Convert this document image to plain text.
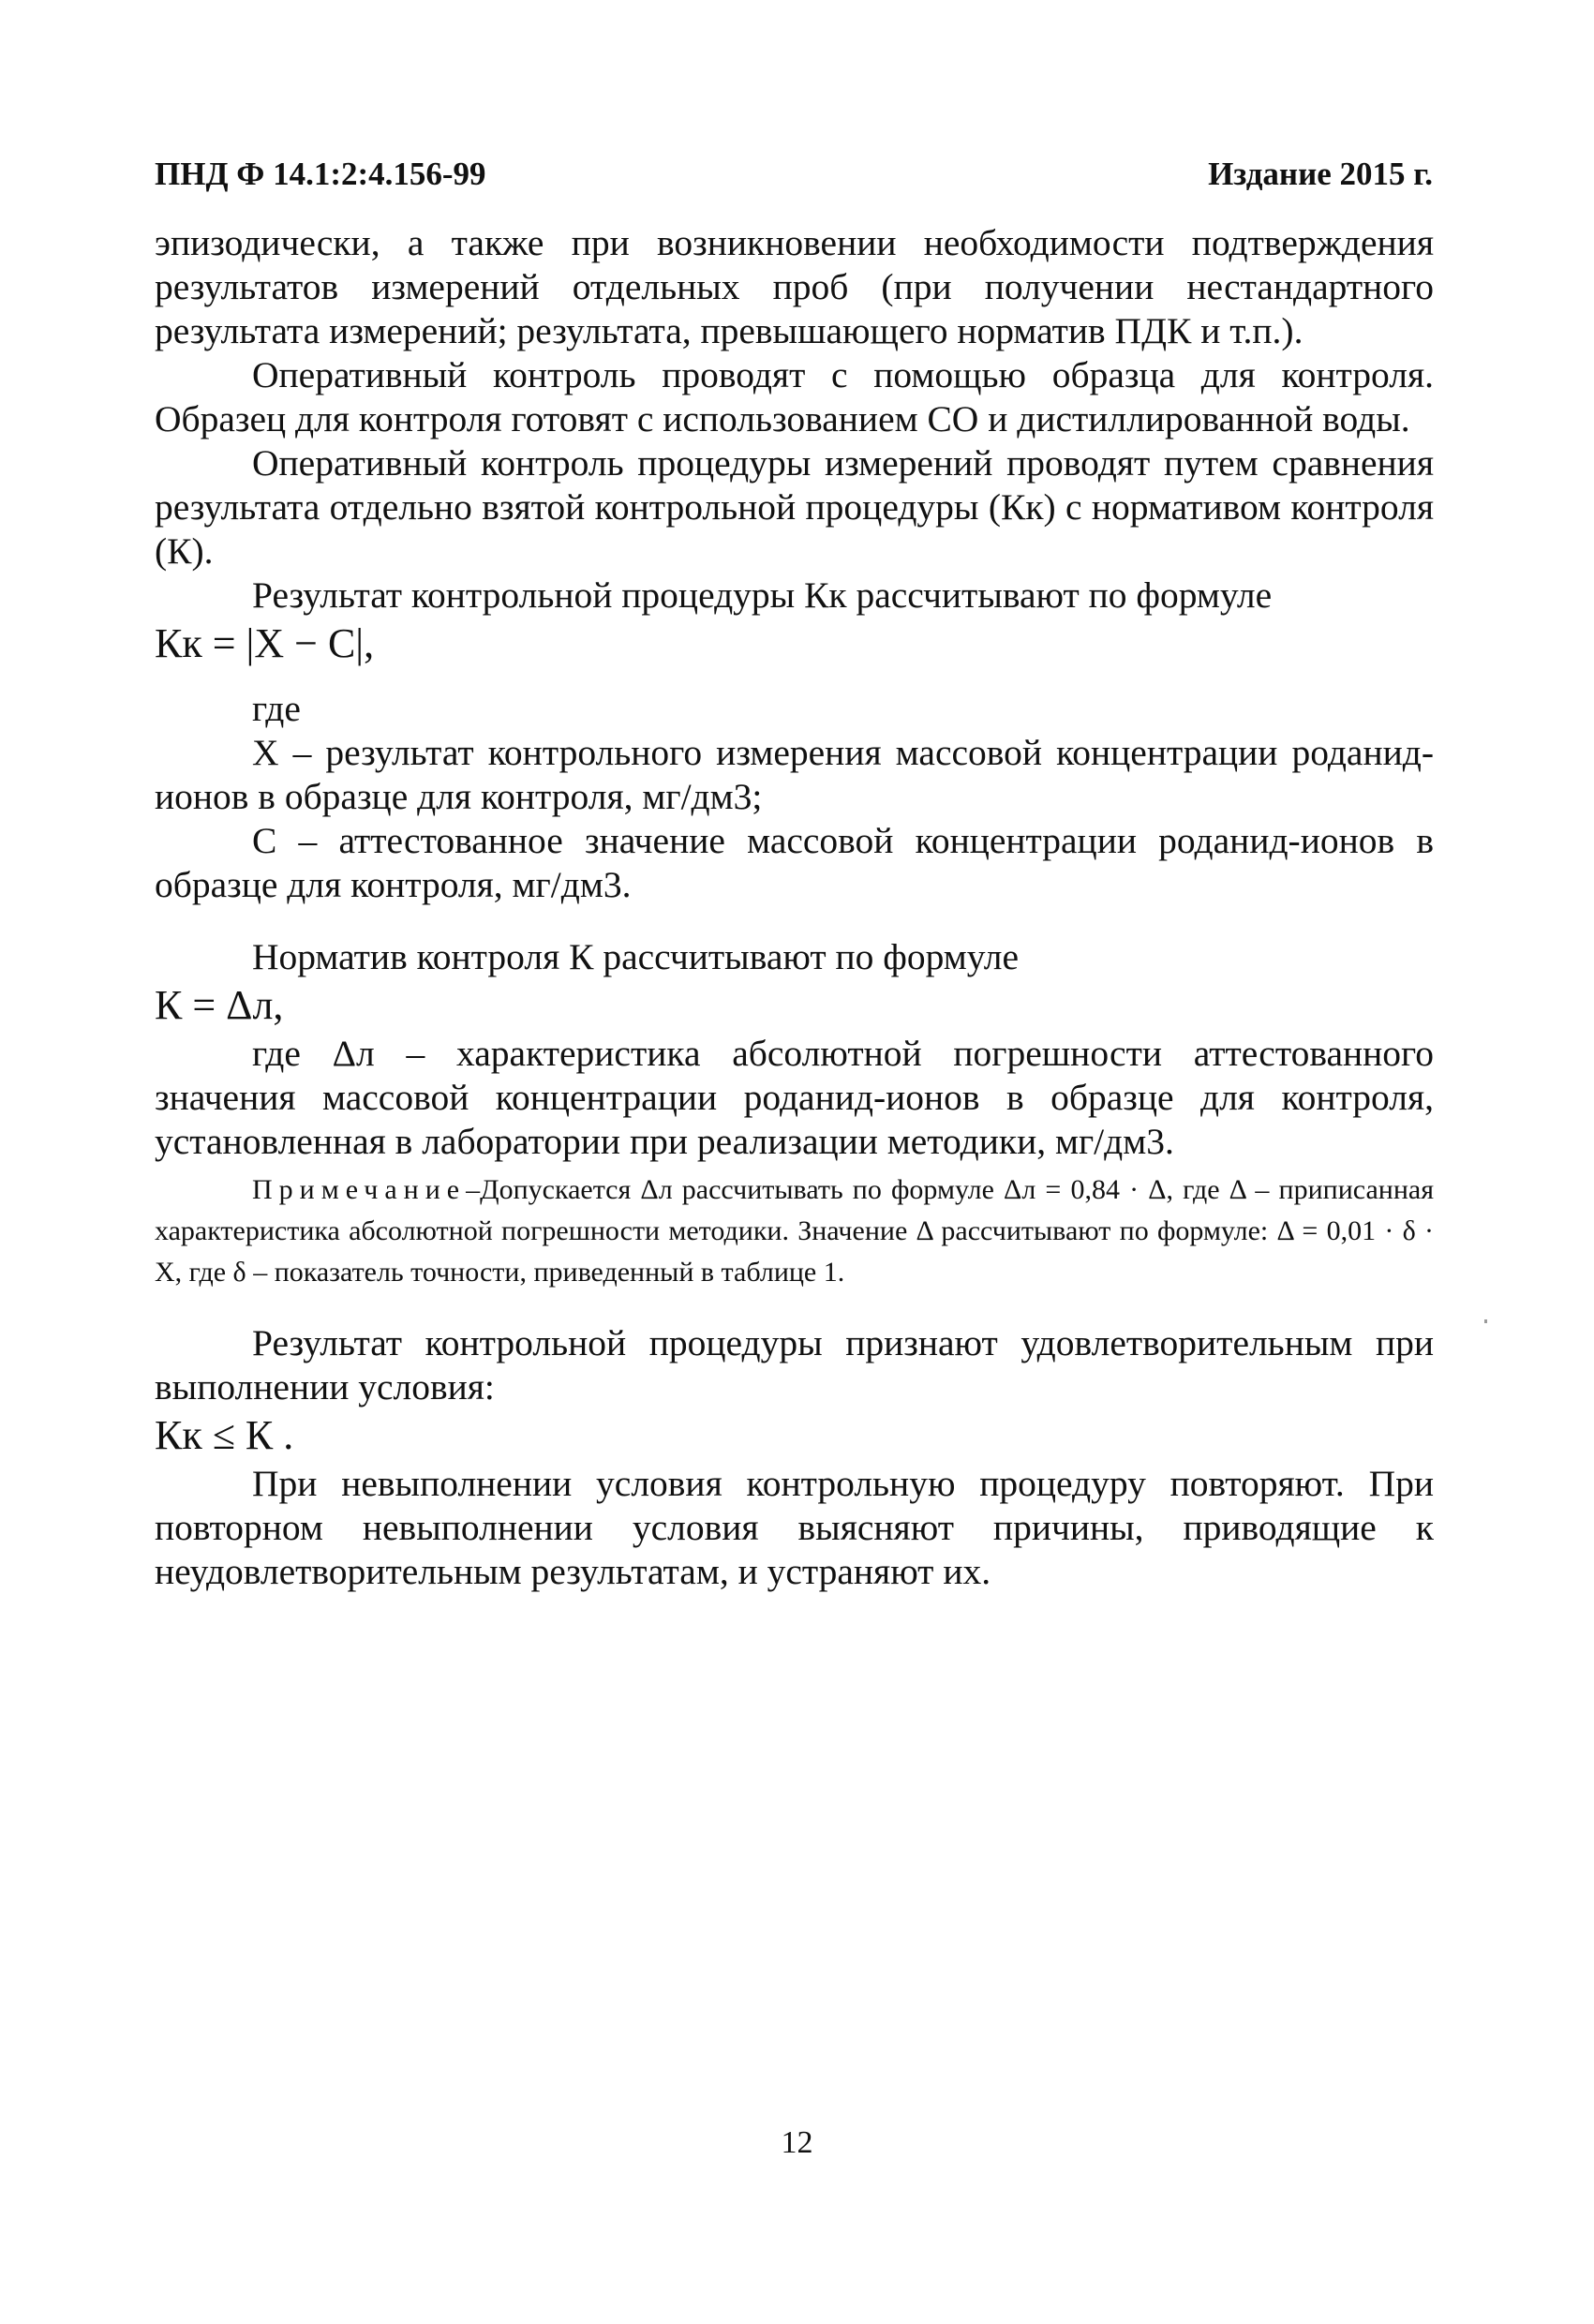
ПНД Ф 14.1:2:4.156-99	Издание 2015 г.

эпизодически, а также при возникновении необходимости подтверждения результатов измерений отдельных проб (при получении нестандартного результата измерений; результата, превышающего норматив ПДК и т.п.).

Оперативный контроль проводят с помощью образца для контроля. Образец для контроля готовят с использованием СО и дистиллированной воды.

Оперативный контроль процедуры измерений проводят путем сравнения результата отдельно взятой контрольной процедуры (Кк) с нормативом контроля (К).

Результат контрольной процедуры Кк рассчитывают по формуле

Кк = |X − C|,

где

X – результат контрольного измерения массовой концентрации роданид-ионов в образце для контроля, мг/дм3;

С – аттестованное значение массовой концентрации роданид-ионов в образце для контроля, мг/дм3.

Норматив контроля К рассчитывают по формуле

К = Δл,

где Δл – характеристика абсолютной погрешности аттестованного значения массовой концентрации роданид-ионов в образце для контроля, установленная в лаборатории при реализации методики, мг/дм3.

Примечание–Допускается Δл рассчитывать по формуле Δл = 0,84 · Δ, где Δ – приписанная характеристика абсолютной погрешности методики. Значение Δ рассчитывают по формуле: Δ = 0,01 · δ · X, где δ – показатель точности, приведенный в таблице 1.

Результат контрольной процедуры признают удовлетворительным при выполнении условия:

Кк ≤ К .

При невыполнении условия контрольную процедуру повторяют. При повторном невыполнении условия выясняют причины, приводящие к неудовлетворительным результатам, и устраняют их.

12
